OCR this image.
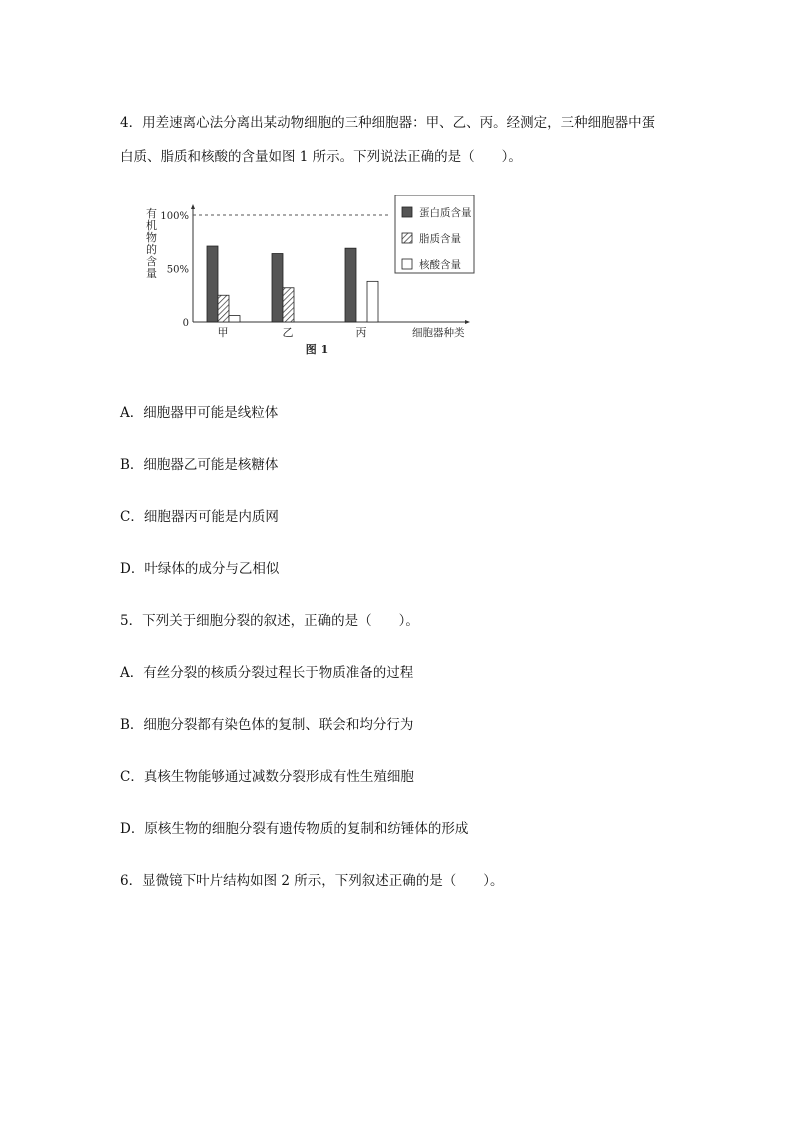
4．用差速离心法分离出某动物细胞的三种细胞器：甲、乙、丙。经测定，三种细胞器中蛋
白质、脂质和核酸的含量如图 1 所示。下列说法正确的是（　　）。
0
50%
100%
有
机
物
的
含
量
甲	乙	丙	细胞器种类
图 1
蛋白质含量
脂质含量
核酸含量
A．细胞器甲可能是线粒体
B．细胞器乙可能是核糖体
C．细胞器丙可能是内质网
D．叶绿体的成分与乙相似
5．下列关于细胞分裂的叙述，正确的是（　　）。
A．有丝分裂的核质分裂过程长于物质准备的过程
B．细胞分裂都有染色体的复制、联会和均分行为
C．真核生物能够通过减数分裂形成有性生殖细胞
D．原核生物的细胞分裂有遗传物质的复制和纺锤体的形成
6．显微镜下叶片结构如图 2 所示，下列叙述正确的是（　　）。
